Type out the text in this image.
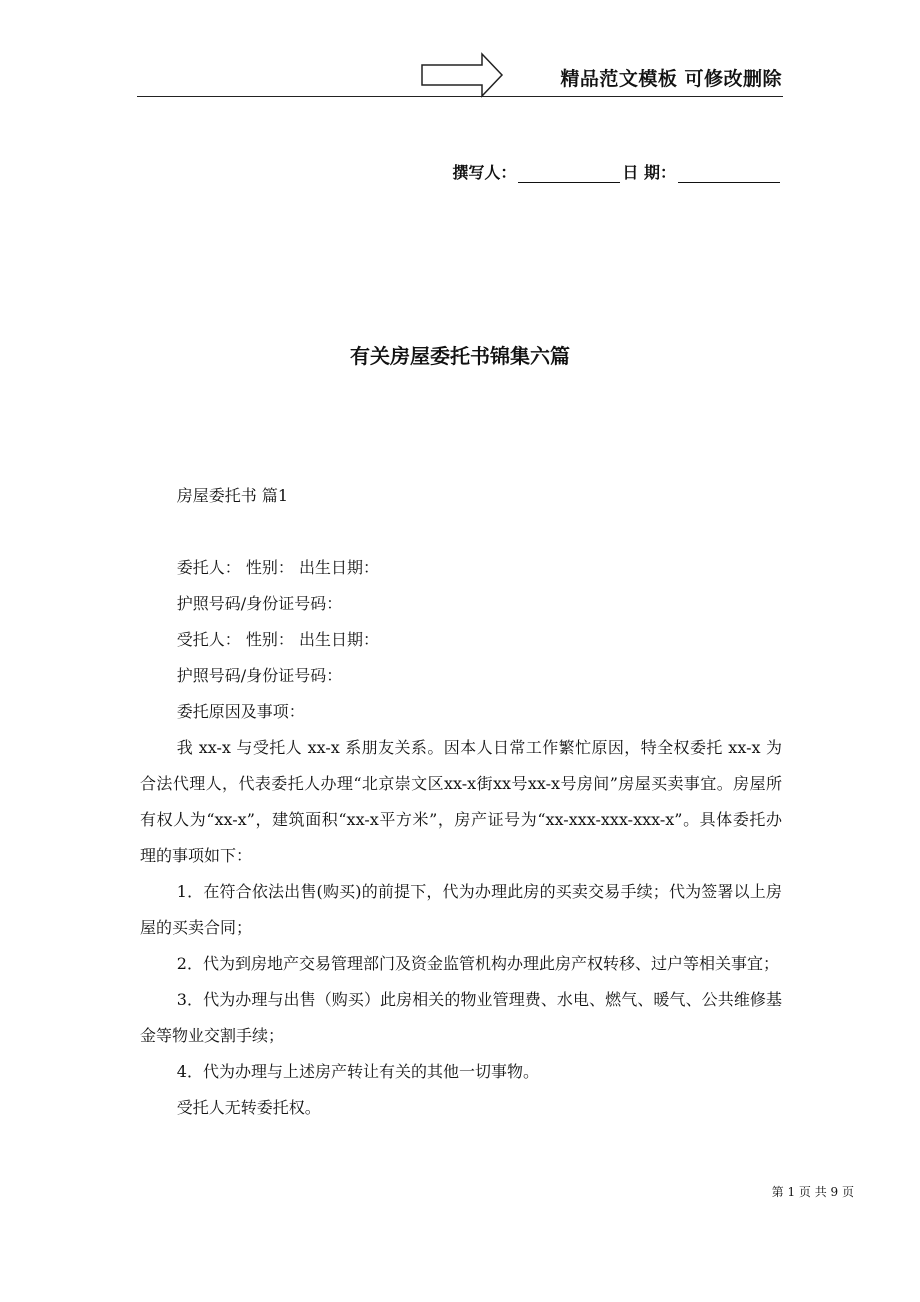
精品范文模板 可修改删除
撰写人：	日 期：
有关房屋委托书锦集六篇

房屋委托书 篇1

委托人： 性别： 出生日期：

护照号码/身份证号码：

受托人： 性别： 出生日期：

护照号码/身份证号码：

委托原因及事项：

我 xx-x 与受托人 xx-x 系朋友关系。因本人日常工作繁忙原因，特全权委托 xx-x 为合法代理人，代表委托人办理“北京崇文区xx-x街xx号xx-x号房间”房屋买卖事宜。房屋所有权人为“xx-x”，建筑面积“xx-x平方米”，房产证号为“xx-xxx-xxx-xxx-x”。具体委托办理的事项如下：

1．在符合依法出售(购买)的前提下，代为办理此房的买卖交易手续；代为签署以上房屋的买卖合同；

2．代为到房地产交易管理部门及资金监管机构办理此房产权转移、过户等相关事宜；

3．代为办理与出售（购买）此房相关的物业管理费、水电、燃气、暖气、公共维修基金等物业交割手续；

4．代为办理与上述房产转让有关的其他一切事物。

受托人无转委托权。

第 1 页 共 9 页
